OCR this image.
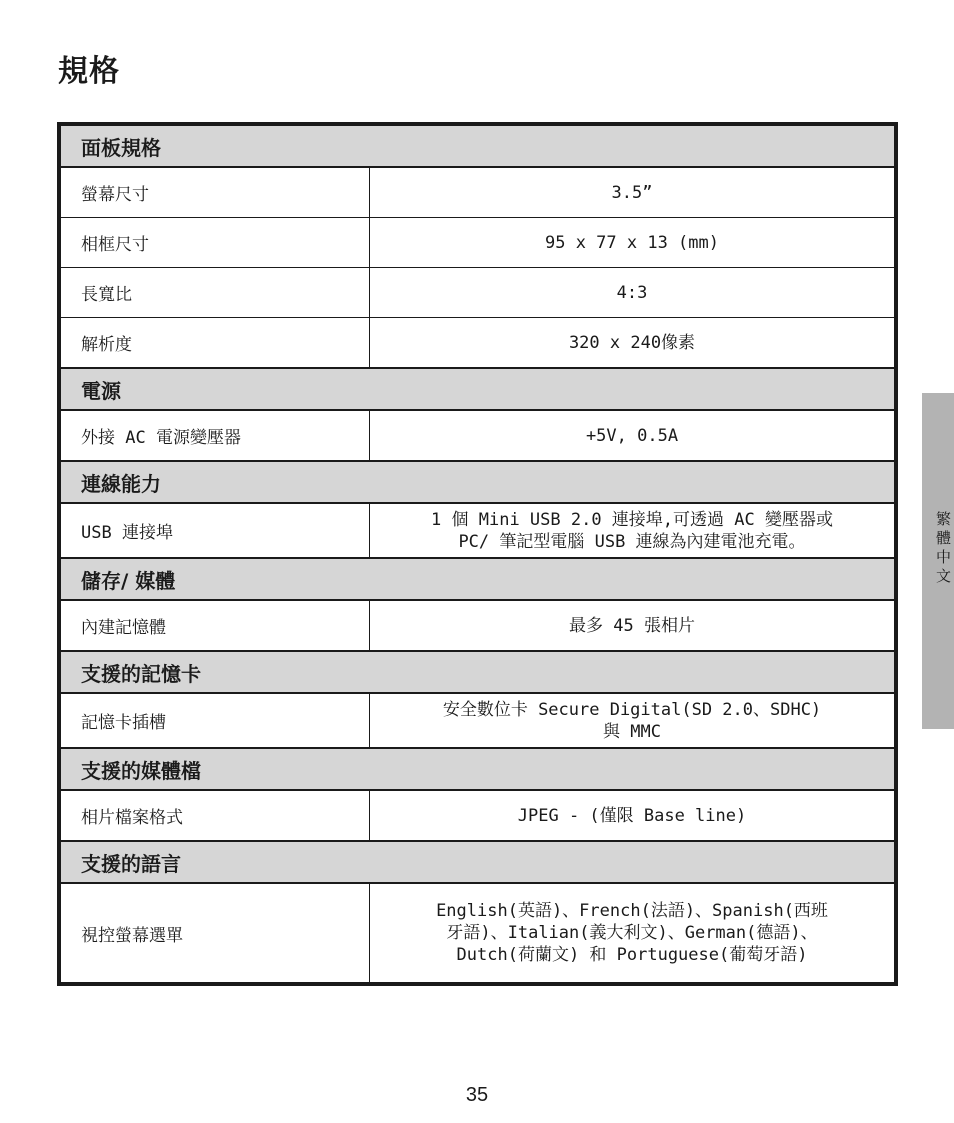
規格
面板規格	
螢幕尺寸	3.5”
相框尺寸	95 x 77 x 13 (mm)
長寬比	4:3
解析度	320 x 240像素
電源	
外接 AC 電源變壓器	+5V, 0.5A
連線能力	
USB 連接埠	1 個 Mini USB 2.0 連接埠,可透過 AC 變壓器或
PC/ 筆記型電腦 USB 連線為內建電池充電。

儲存/ 媒體	
內建記憶體	最多 45 張相片
支援的記憶卡	
記憶卡插槽	安全數位卡 Secure Digital(SD 2.0、SDHC)
與 MMC

支援的媒體檔	
相片檔案格式	JPEG - (僅限 Base line)
支援的語言	
視控螢幕選單	English(英語)、French(法語)、Spanish(西班
牙語)、Italian(義大利文)、German(德語)、
Dutch(荷蘭文) 和 Portuguese(葡萄牙語)
繁體中文
35
